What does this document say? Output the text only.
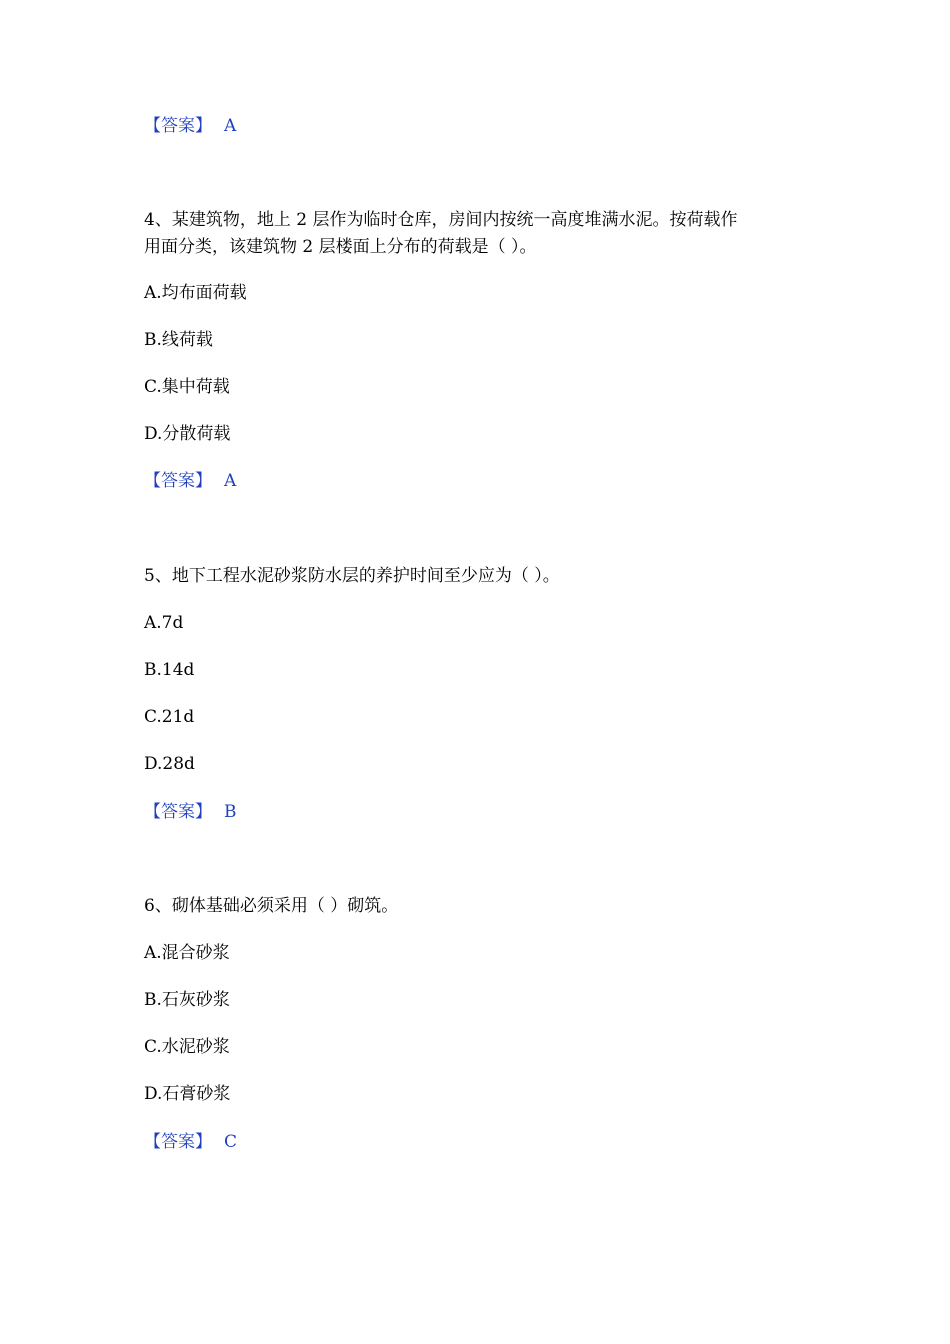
【答案】 A
4、某建筑物，地上 2 层作为临时仓库，房间内按统一高度堆满水泥。按荷载作
用面分类，该建筑物 2 层楼面上分布的荷载是（ ）。
A.均布面荷载
B.线荷载
C.集中荷载
D.分散荷载
【答案】 A
5、地下工程水泥砂浆防水层的养护时间至少应为（ ）。
A.7d
B.14d
C.21d
D.28d
【答案】 B
6、砌体基础必须采用（ ）砌筑。
A.混合砂浆
B.石灰砂浆
C.水泥砂浆
D.石膏砂浆
【答案】 C
